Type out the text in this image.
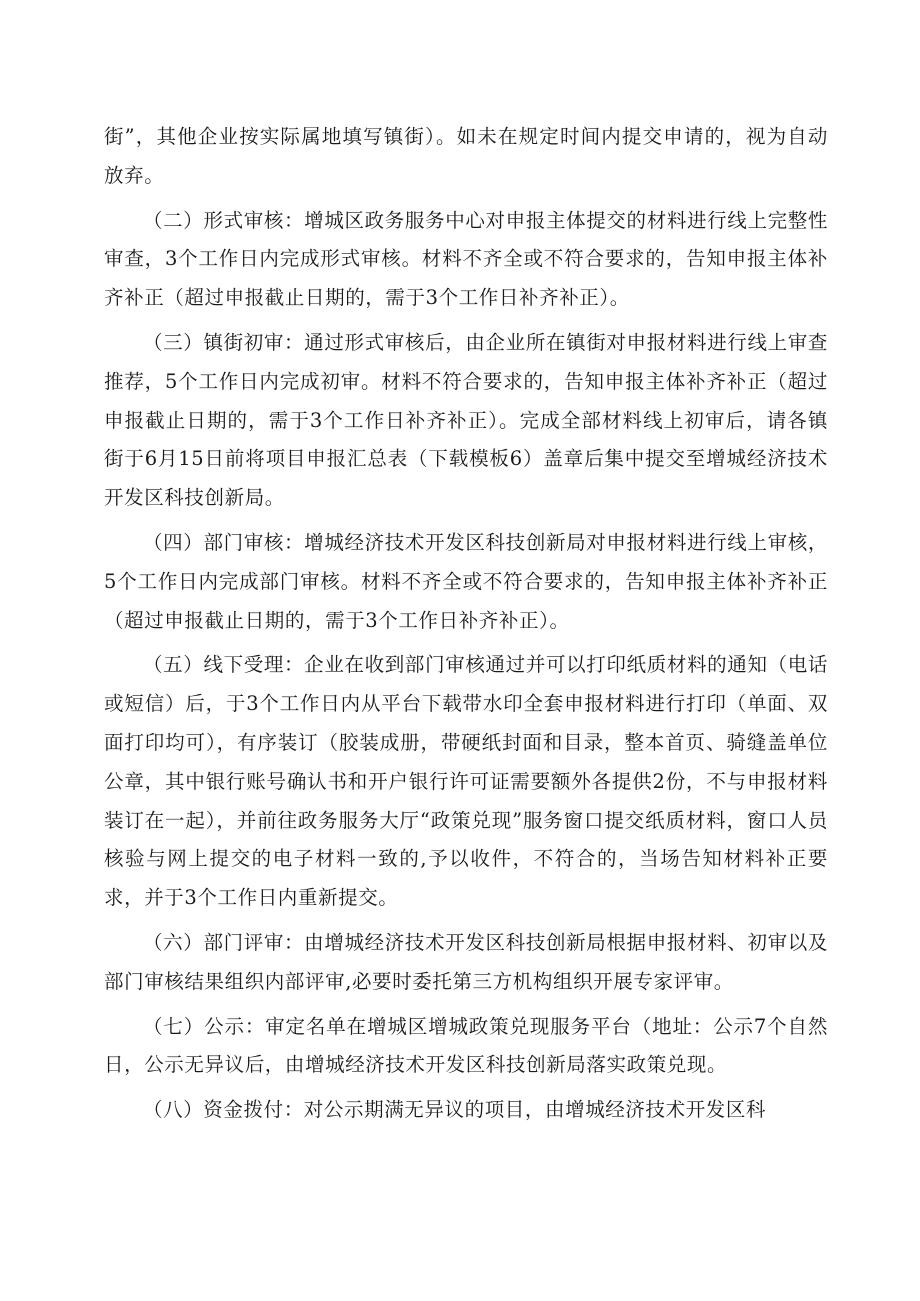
街”，其他企业按实际属地填写镇街）。如未在规定时间内提交申请的，视为自动放弃。

（二）形式审核：增城区政务服务中心对申报主体提交的材料进行线上完整性审查，3个工作日内完成形式审核。材料不齐全或不符合要求的，告知申报主体补齐补正（超过申报截止日期的，需于3个工作日补齐补正）。

（三）镇街初审：通过形式审核后，由企业所在镇街对申报材料进行线上审查推荐，5个工作日内完成初审。材料不符合要求的，告知申报主体补齐补正（超过申报截止日期的，需于3个工作日补齐补正）。完成全部材料线上初审后，请各镇街于6月15日前将项目申报汇总表（下载模板6）盖章后集中提交至增城经济技术开发区科技创新局。

（四）部门审核：增城经济技术开发区科技创新局对申报材料进行线上审核，5个工作日内完成部门审核。材料不齐全或不符合要求的，告知申报主体补齐补正（超过申报截止日期的，需于3个工作日补齐补正）。

（五）线下受理：企业在收到部门审核通过并可以打印纸质材料的通知（电话或短信）后，于3个工作日内从平台下载带水印全套申报材料进行打印（单面、双面打印均可），有序装订（胶装成册，带硬纸封面和目录，整本首页、骑缝盖单位公章，其中银行账号确认书和开户银行许可证需要额外各提供2份，不与申报材料装订在一起），并前往政务服务大厅“政策兑现”服务窗口提交纸质材料，窗口人员核验与网上提交的电子材料一致的,予以收件，不符合的，当场告知材料补正要求，并于3个工作日内重新提交。

（六）部门评审：由增城经济技术开发区科技创新局根据申报材料、初审以及部门审核结果组织内部评审,必要时委托第三方机构组织开展专家评审。

（七）公示：审定名单在增城区增城政策兑现服务平台（地址：公示7个自然日，公示无异议后，由增城经济技术开发区科技创新局落实政策兑现。

（八）资金拨付：对公示期满无异议的项目，由增城经济技术开发区科
